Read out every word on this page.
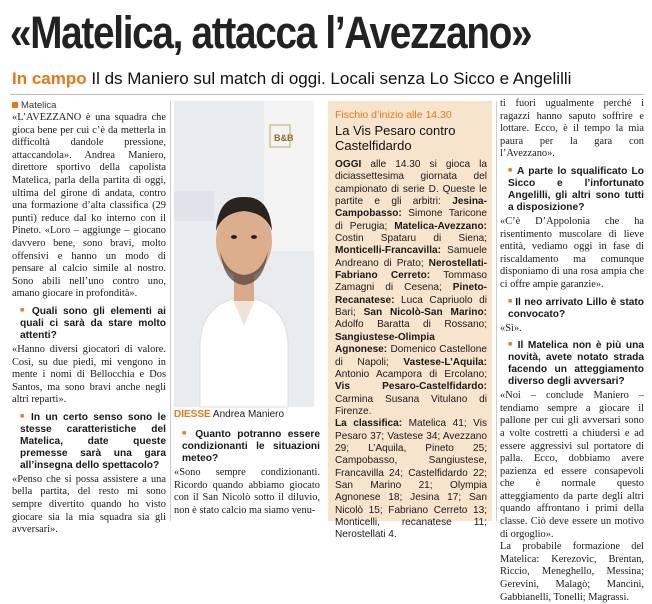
«Matelica, attacca l’Avezzano»
In campo Il ds Maniero sul match di oggi. Locali senza Lo Sicco e Angelilli
Matelica

«L’AVEZZANO è una squadra che gioca bene per cui c’è da metterla in difficoltà dandole pressione, attaccandola». Andrea Maniero, direttore sportivo della capolista Matelica, parla della partita di oggi, ultima del girone di andata, contro una formazione d’alta classifica (29 punti) reduce dal ko interno con il Pineto. «Loro – aggiunge – giocano davvero bene, sono bravi, molto offensivi e hanno un modo di pensare al calcio simile al nostro. Sono abili nell’uno contro uno, amano giocare in profondità».

■ Quali sono gli elementi ai quali ci sarà da stare molto attenti?

«Hanno diversi giocatori di valore. Così, su due piedi, mi vengono in mente i nomi di Bellocchia e Dos Santos, ma sono bravi anche negli altri reparti».

■ In un certo senso sono le stesse caratteristiche del Matelica, date queste premesse sarà una gara all’insegna dello spettacolo?

«Penso che si possa assistere a una bella partita, del resto mi sono sempre divertito quando ho visto giocare sia la mia squadra sia gli avversari».

B&B
DIESSE Andrea Maniero
■ Quanto potranno essere condizionanti le situazioni meteo?

«Sono sempre condizionanti. Ricordo quando abbiamo giocato con il San Nicolò sotto il diluvio, non è stato calcio ma siamo venu-

Fischio d’inizio alle 14.30
La Vis Pesaro contro Castelfidardo
OGGI alle 14.30 si gioca la diciassettesima giornata del campionato di serie D. Queste le partite e gli arbitri: Jesina-Campobasso: Simone Taricone di Perugia; Matelica-Avezzano: Costin Spataru di Siena; Monticelli-Francavilla: Samuele Andreano di Prato; Nerostellati-Fabriano Cerreto: Tommaso Zamagni di Cesena; Pineto-Recanatese: Luca Capriuolo di Bari; San Nicolò-San Marino: Adolfo Baratta di Rossano; Sangiustese-Olimpia Agnonese: Domenico Castellone di Napoli; Vastese-L’Aquila: Antonio Acampora di Ercolano; Vis Pesaro-Castelfidardo: Carmina Susana Vitulano di Firenze.
La classifica: Matelica 41; Vis Pesaro 37; Vastese 34; Avezzano 29; L’Aquila, Pineto 25; Campobasso, Sangiustese, Francavilla 24; Castelfidardo 22; San Marino 21; Olympia Agnonese 18; Jesina 17; San Nicolò 15; Fabriano Cerreto 13; Monticelli, recanatese 11; Nerostellati 4.

ti fuori ugualmente perché i ragazzi hanno saputo soffrire e lottare. Ecco, è il tempo la mia paura per la gara con l’Avezzano».

■ A parte lo squalificato Lo Sicco e l’infortunato Angelilli, gli altri sono tutti a disposizione?

«C’è D’Appolonia che ha risentimento muscolare di lieve entità, vediamo oggi in fase di riscaldamento ma comunque disponiamo di una rosa ampia che ci offre ampie garanzie».

■ Il neo arrivato Lillo è stato convocato?

«Sì».

■ Il Matelica non è più una novità, avete notato strada facendo un atteggiamento diverso degli avversari?

«Noi – conclude Maniero – tendiamo sempre a giocare il pallone per cui gli avversari sono a volte costretti a chiudersi e ad essere aggressivi sul portatore di palla. Ecco, dobbiamo avere pazienza ed essere consapevoli che è normale questo atteggiamento da parte degli altri quando affrontano i primi della classe. Ciò deve essere un motivo di orgoglio».

La probabile formazione del Matelica: Kerezovic, Brentan, Riccio, Meneghello, Messina; Gerevini, Malagò; Mancini, Gabbianelli, Tonelli; Magrassi.
